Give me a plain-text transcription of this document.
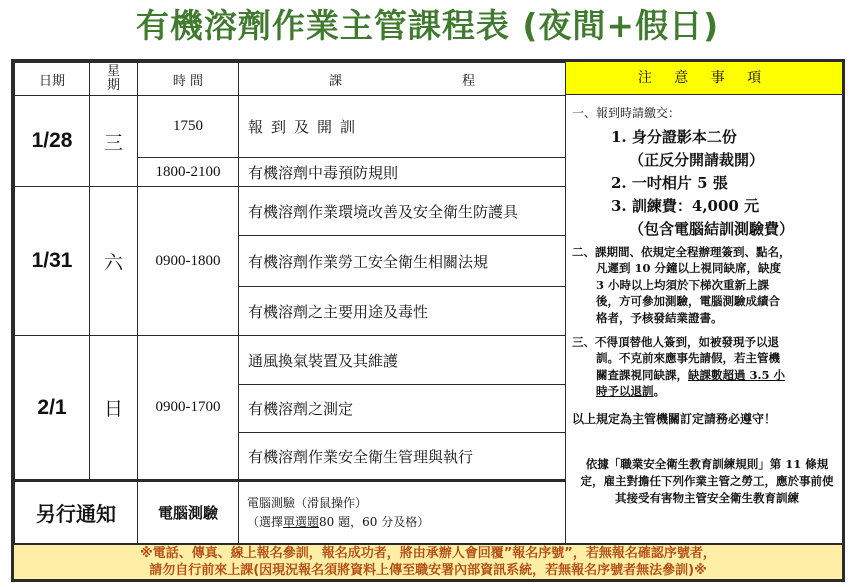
有機溶劑作業主管課程表 (夜間+假日)
日期	星期	時 間	課 程
1/28	三	1750	報到及開訓
		1800-2100	有機溶劑中毒預防規則
1/31	六	0900-1800	有機溶劑作業環境改善及安全衛生防護具
			有機溶劑作業勞工安全衛生相關法規
			有機溶劑之主要用途及毒性
2/1	日	0900-1700	通風換氣裝置及其維護
			有機溶劑之測定
			有機溶劑作業安全衛生管理與執行
另行通知		電腦測驗	電腦測驗（滑鼠操作）
（選擇單選題80 題，60 分及格）
注 意 事 項
一、報到時請繳交：
1. 身分證影本二份
（正反分開請裁開）
2. 一吋相片 5 張
3. 訓練費：4,000 元
（包含電腦結訓測驗費）
二、課期間、依規定全程辦理簽到、點名，
凡遲到 10 分鐘以上視同缺席，缺度
3 小時以上均須於下梯次重新上課
後，方可參加測驗，電腦測驗成績合
格者，予核發結業證書。
三、不得頂替他人簽到，如被發現予以退
訓。不克前來應事先請假，若主管機
關查課視同缺課，缺課數超過 3.5 小
時予以退訓。
以上規定為主管機關訂定請務必遵守！
依據「職業安全衛生教育訓練規則」第 11 條規定，雇主對擔任下列作業主管之勞工，應於事前使其接受有害物主管安全衛生教育訓練
※電話、傳真、線上報名參訓，報名成功者，將由承辦人會回覆”報名序號”，若無報名確認序號者，
請勿自行前來上課(因現況報名須將資料上傳至職安署內部資訊系統，若無報名序號者無法參訓)※
